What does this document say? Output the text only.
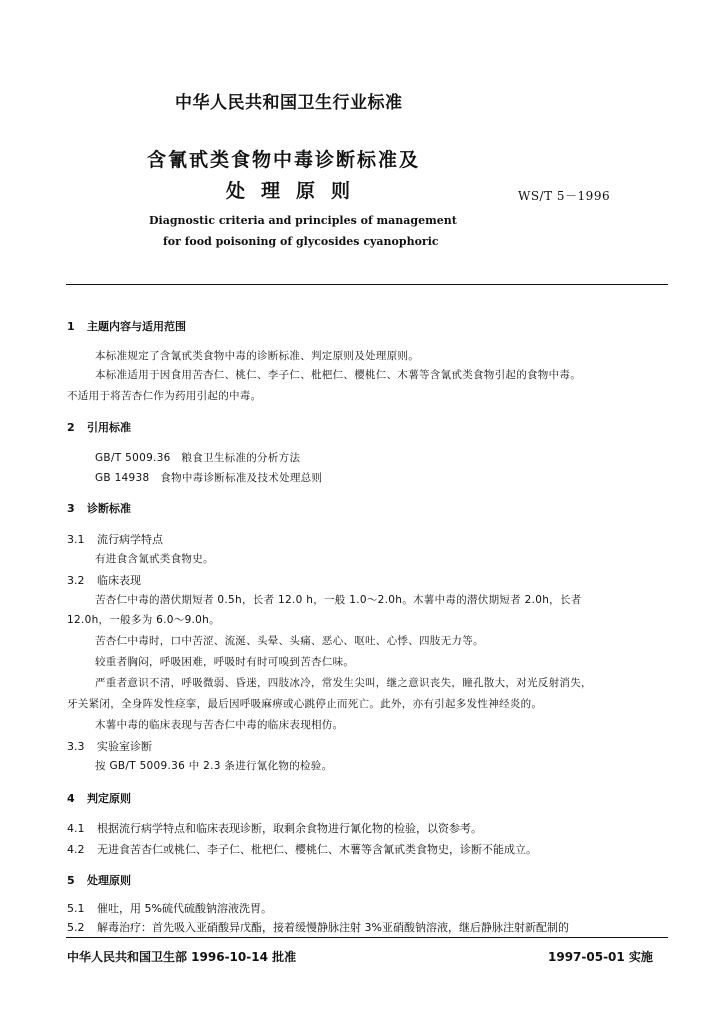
中华人民共和国卫生行业标准
含氰甙类食物中毒诊断标准及
处理原则	WS/T 5－1996
Diagnostic criteria and principles of management
for food poisoning of glycosides cyanophoric
1 主题内容与适用范围
本标准规定了含氰甙类食物中毒的诊断标准、判定原则及处理原则。
本标准适用于因食用苦杏仁、桃仁、李子仁、枇杷仁、樱桃仁、木薯等含氰甙类食物引起的食物中毒。
不适用于将苦杏仁作为药用引起的中毒。
2 引用标准
GB/T 5009.36　粮食卫生标准的分析方法
GB 14938　食物中毒诊断标准及技术处理总则
3 诊断标准
3.1 流行病学特点
有进食含氰甙类食物史。
3.2 临床表现
苦杏仁中毒的潜伏期短者 0.5h，长者 12.0 h，一般 1.0～2.0h。木薯中毒的潜伏期短者 2.0h，长者
12.0h，一般多为 6.0～9.0h。
苦杏仁中毒时，口中苦涩、流涎、头晕、头痛、恶心、呕吐、心悸、四肢无力等。
较重者胸闷，呼吸困难，呼吸时有时可嗅到苦杏仁味。
严重者意识不清，呼吸微弱、昏迷，四肢冰冷，常发生尖叫，继之意识丧失，瞳孔散大，对光反射消失，
牙关紧闭，全身阵发性痉挛，最后因呼吸麻痹或心跳停止而死亡。此外，亦有引起多发性神经炎的。
木薯中毒的临床表现与苦杏仁中毒的临床表现相仿。
3.3 实验室诊断
按 GB/T 5009.36 中 2.3 条进行氰化物的检验。
4 判定原则
4.1 根据流行病学特点和临床表现诊断，取剩余食物进行氰化物的检验，以资参考。
4.2 无进食苦杏仁或桃仁、李子仁、枇杷仁、樱桃仁、木薯等含氰甙类食物史，诊断不能成立。
5 处理原则
5.1 催吐，用 5%硫代硫酸钠溶液洗胃。
5.2 解毒治疗：首先吸入亚硝酸异戊酯，接着缓慢静脉注射 3%亚硝酸钠溶液，继后静脉注射新配制的
中华人民共和国卫生部 1996-10-14 批准	1997-05-01 实施
